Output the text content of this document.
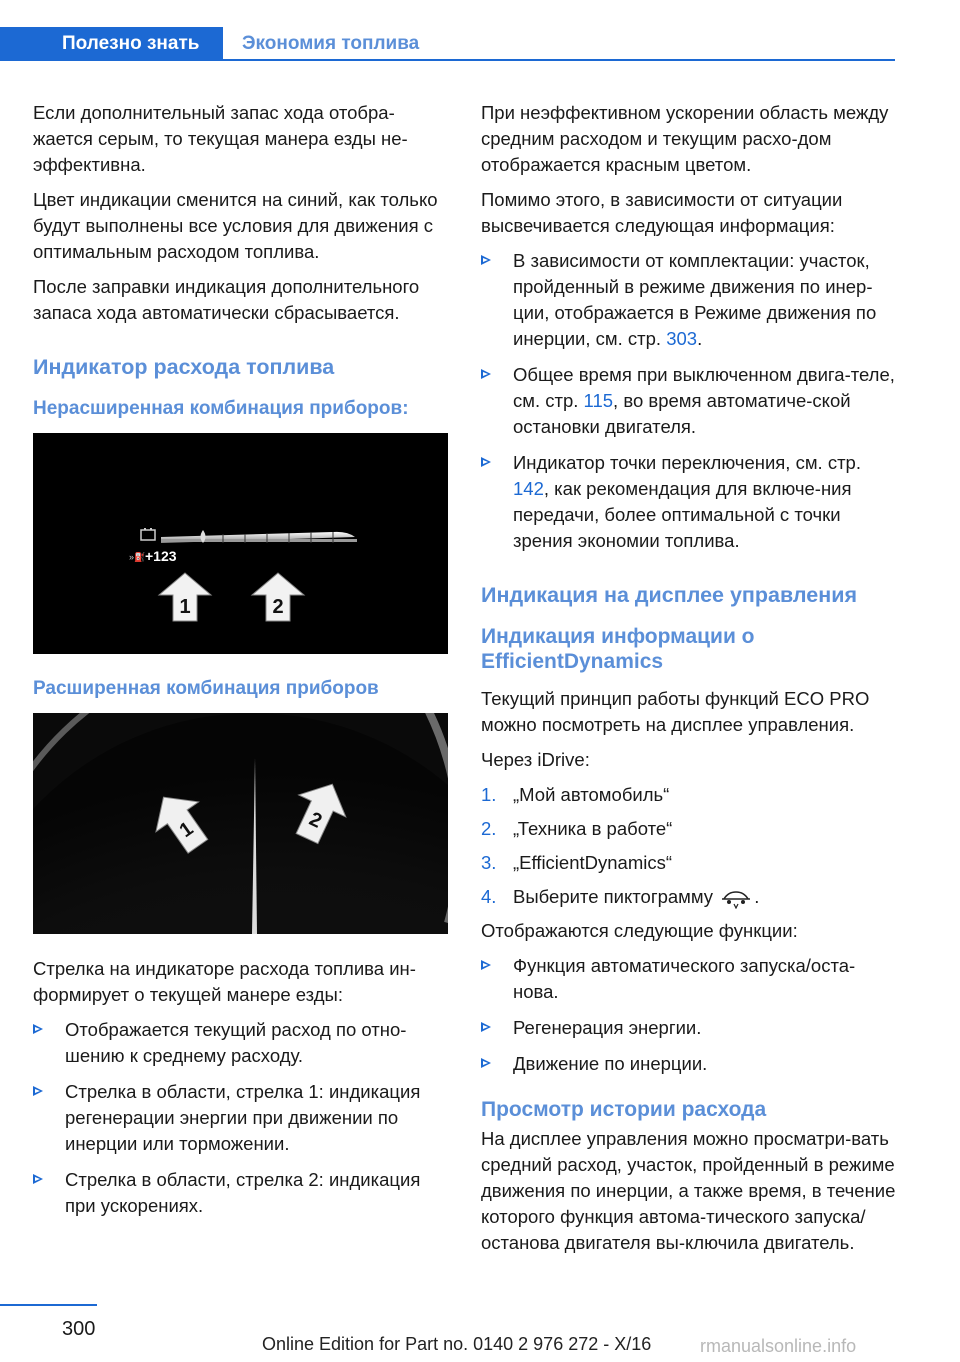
Полезно знать	Экономия топлива

Если дополнительный запас хода отобра-жается серым, то текущая манера езды не-эффективна.

Цвет индикации сменится на синий, как только будут выполнены все условия для движения с оптимальным расходом топлива.

После заправки индикация дополнительного запаса хода автоматически сбрасывается.

Индикатор расхода топлива
Нерасширенная комбинация приборов:
»⛽ +123
1	2
Расширенная комбинация приборов
1	2

Стрелка на индикаторе расхода топлива ин-формирует о текущей манере езды:

Отображается текущий расход по отно-шению к среднему расходу.
Стрелка в области, стрелка 1: индикация регенерации энергии при движении по инерции или торможении.
Стрелка в области, стрелка 2: индикация при ускорениях.

При неэффективном ускорении область между средним расходом и текущим расхо-дом отображается красным цветом.

Помимо этого, в зависимости от ситуации высвечивается следующая информация:

В зависимости от комплектации: участок, пройденный в режиме движения по инер-ции, отображается в Режиме движения по инерции, см. стр. 303.
Общее время при выключенном двига-теле, см. стр. 115, во время автоматиче-ской остановки двигателя.
Индикатор точки переключения, см. стр. 142, как рекомендация для включе-ния передачи, более оптимальной с точки зрения экономии топлива.
Индикация на дисплее управления
Индикация информации о EfficientDynamics

Текущий принцип работы функций ECO PRO можно посмотреть на дисплее управления.

Через iDrive:

1. „Мой автомобиль“
2. „Техника в работе“
3. „EfficientDynamics“
4. Выберите пиктограмму .

Отображаются следующие функции:

Функция автоматического запуска/оста-нова.
Регенерация энергии.
Движение по инерции.
Просмотр истории расхода

На дисплее управления можно просматри-вать средний расход, участок, пройденный в режиме движения по инерции, а также время, в течение которого функция автома-тического запуска/останова двигателя вы-ключила двигатель.

300
Online Edition for Part no. 0140 2 976 272 - X/16	rmanualsonline.info
